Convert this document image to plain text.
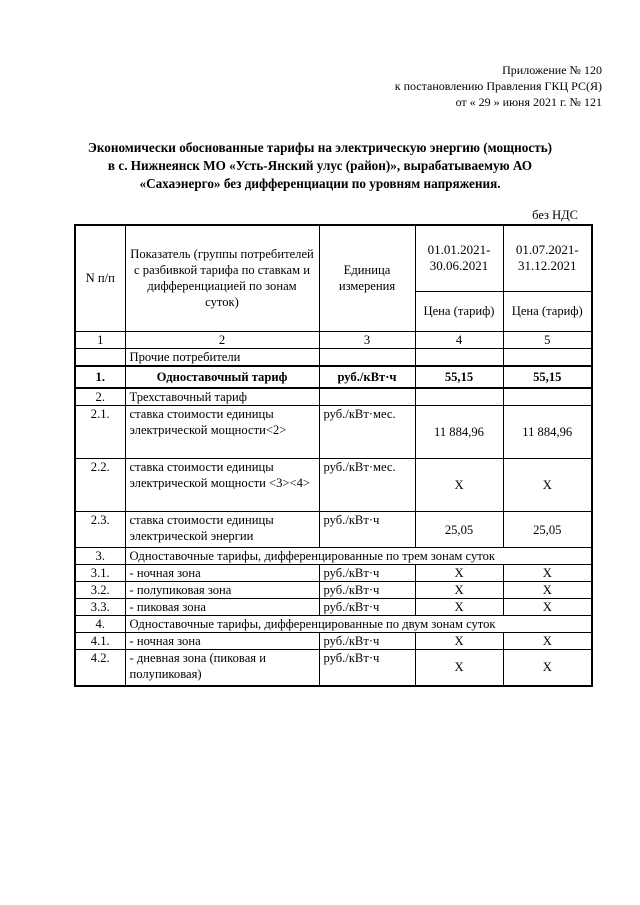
Приложение № 120
к постановлению Правления ГКЦ РС(Я)
от « 29 » июня 2021 г. № 121
Экономически обоснованные тарифы на электрическую энергию (мощность)
в с. Нижнеянск МО «Усть-Янский улус (район)», вырабатываемую АО
«Сахаэнерго» без дифференциации по уровням напряжения.
без НДС
N п/п	Показатель (группы потребителей с разбивкой тарифа по ставкам и дифференциацией по зонам суток)	Единица измерения	01.01.2021-30.06.2021	01.07.2021-31.12.2021
			Цена (тариф)	Цена (тариф)
1	2	3	4	5
	Прочие потребители			
1.	Одноставочный тариф	руб./кВт·ч	55,15	55,15
2.	Трехставочный тариф			
2.1.	ставка стоимости единицы электрической мощности<2>	руб./кВт·мес.	11 884,96	11 884,96
2.2.	ставка стоимости единицы электрической мощности <3><4>	руб./кВт·мес.	Х	Х
2.3.	ставка стоимости единицы электрической энергии	руб./кВт·ч	25,05	25,05
3.	Одноставочные тарифы, дифференцированные по трем зонам суток			
3.1.	- ночная зона	руб./кВт·ч	Х	Х
3.2.	- полупиковая зона	руб./кВт·ч	Х	Х
3.3.	- пиковая зона	руб./кВт·ч	Х	Х
4.	Одноставочные тарифы, дифференцированные по двум зонам суток			
4.1.	- ночная зона	руб./кВт·ч	Х	Х
4.2.	- дневная зона (пиковая и полупиковая)	руб./кВт·ч	Х	Х
